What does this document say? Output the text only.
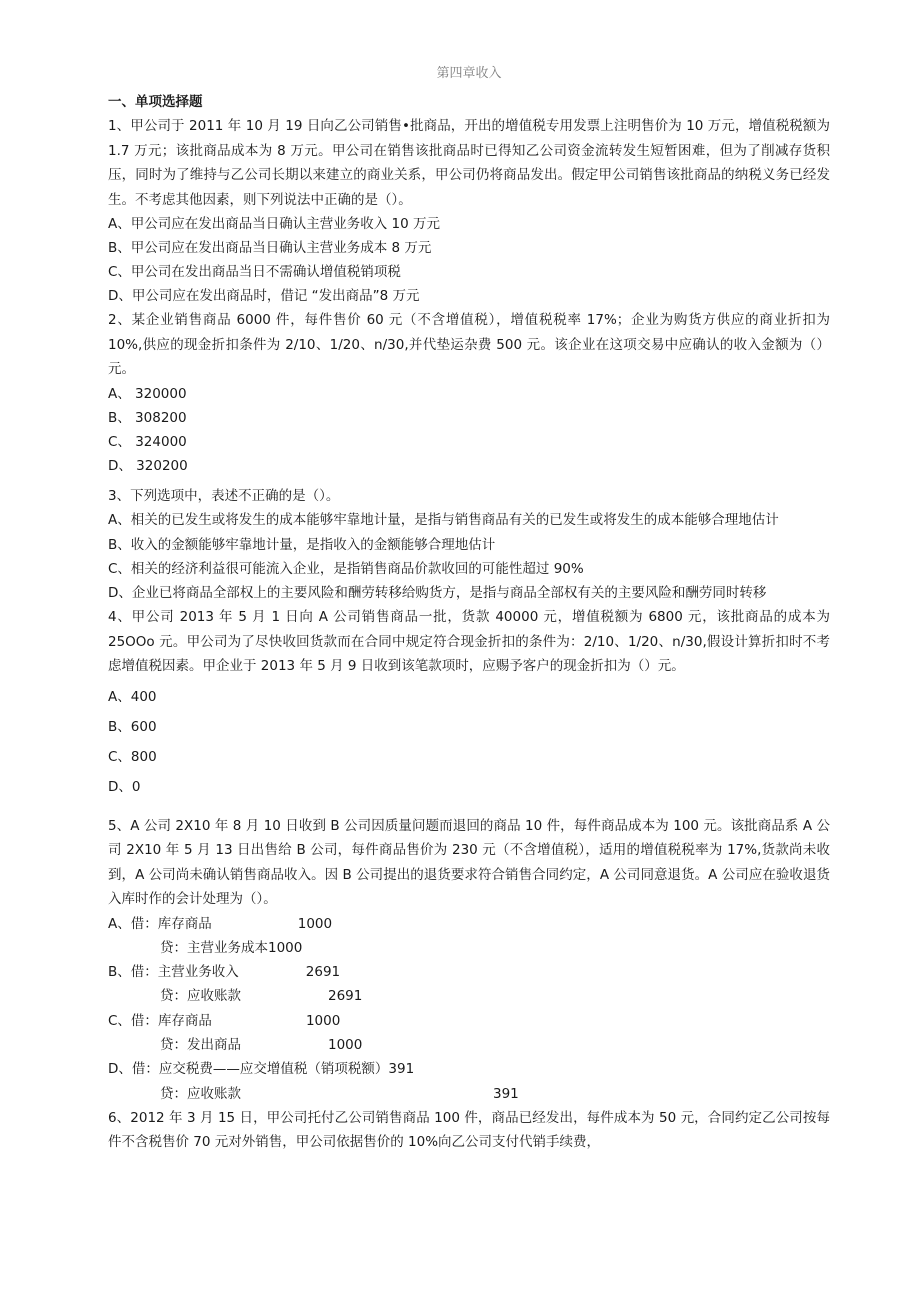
第四章收入

一、单项选择题

1、甲公司于 2011 年 10 月 19 日向乙公司销售•批商品，开出的增值税专用发票上注明售价为 10 万元，增值税税额为 1.7 万元；该批商品成本为 8 万元。甲公司在销售该批商品时已得知乙公司资金流转发生短暂困难，但为了削减存货积压，同时为了维持与乙公司长期以来建立的商业关系，甲公司仍将商品发出。假定甲公司销售该批商品的纳税义务已经发生。不考虑其他因素，则下列说法中正确的是（）。

A、甲公司应在发出商品当日确认主营业务收入 10 万元

B、甲公司应在发出商品当日确认主营业务成本 8 万元

C、甲公司在发出商品当日不需确认增值税销项税

D、甲公司应在发出商品时，借记 “发出商品”8 万元

2、某企业销售商品 6000 件，每件售价 60 元（不含增值税），增值税税率 17%；企业为购货方供应的商业折扣为 10%,供应的现金折扣条件为 2/10、1/20、n/30,并代垫运杂费 500 元。该企业在这项交易中应确认的收入金额为（）元。

A、 320000

B、 308200

C、 324000

D、 320200

3、下列选项中，表述不正确的是（）。

A、相关的已发生或将发生的成本能够牢靠地计量，是指与销售商品有关的已发生或将发生的成本能够合理地估计

B、收入的金额能够牢靠地计量，是指收入的金额能够合理地估计

C、相关的经济利益很可能流入企业，是指销售商品价款收回的可能性超过 90%

D、企业已将商品全部权上的主要风险和酬劳转移给购货方，是指与商品全部权有关的主要风险和酬劳同时转移

4、甲公司 2013 年 5 月 1 日向 A 公司销售商品一批，货款 40000 元，增值税额为 6800 元，该批商品的成本为 25OOo 元。甲公司为了尽快收回货款而在合同中规定符合现金折扣的条件为：2/10、1/20、n/30,假设计算折扣时不考虑增值税因素。甲企业于 2013 年 5 月 9 日收到该笔款项时，应赐予客户的现金折扣为（）元。

A、400

B、600

C、800

D、0

5、A 公司 2X10 年 8 月 10 日收到 B 公司因质量问题而退回的商品 10 件，每件商品成本为 100 元。该批商品系 A 公司 2X10 年 5 月 13 日出售给 B 公司，每件商品售价为 230 元（不含增值税），适用的增值税税率为 17%,货款尚未收到，A 公司尚未确认销售商品收入。因 B 公司提出的退货要求符合销售合同约定，A 公司同意退货。A 公司应在验收退货入库时作的会计处理为（）。

A、借：库存商品	1000

贷：主营业务成本1000

B、借：主营业务收入	2691

贷：应收账款	2691

C、借：库存商品	1000

贷：发出商品	1000

D、借：应交税费——应交增值税（销项税额）391

贷：应收账款	391

6、2012 年 3 月 15 日，甲公司托付乙公司销售商品 100 件，商品已经发出，每件成本为 50 元，合同约定乙公司按每件不含税售价 70 元对外销售，甲公司依据售价的 10%向乙公司支付代销手续费，
